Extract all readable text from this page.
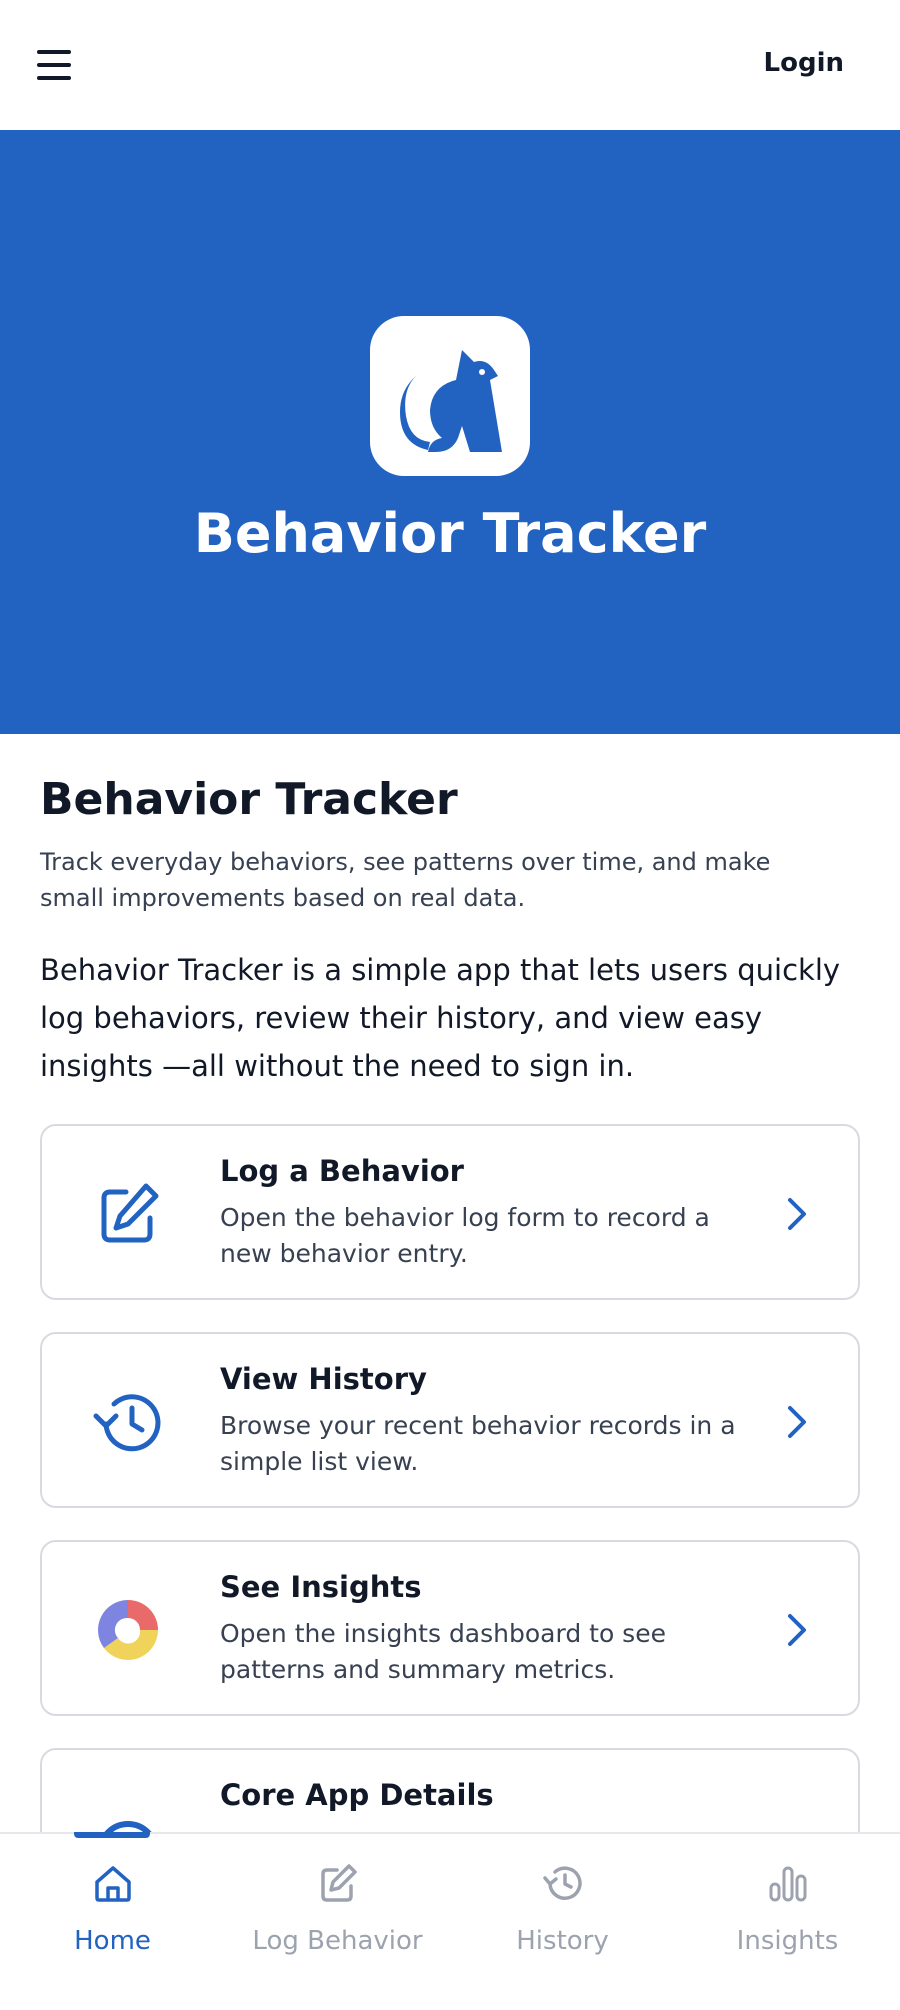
Login
Behavior Tracker
Behavior Tracker
Track everyday behaviors, see patterns over time, and make small improvements based on real data.
Behavior Tracker is a simple app that lets users quickly log behaviors, review their history, and view easy insights —all without the need to sign in.
Log a Behavior
Open the behavior log form to record a new behavior entry.
View History
Browse your recent behavior records in a simple list view.
See Insights
Open the insights dashboard to see patterns and summary metrics.
Core App Details
Home	Log Behavior	History	Insights
